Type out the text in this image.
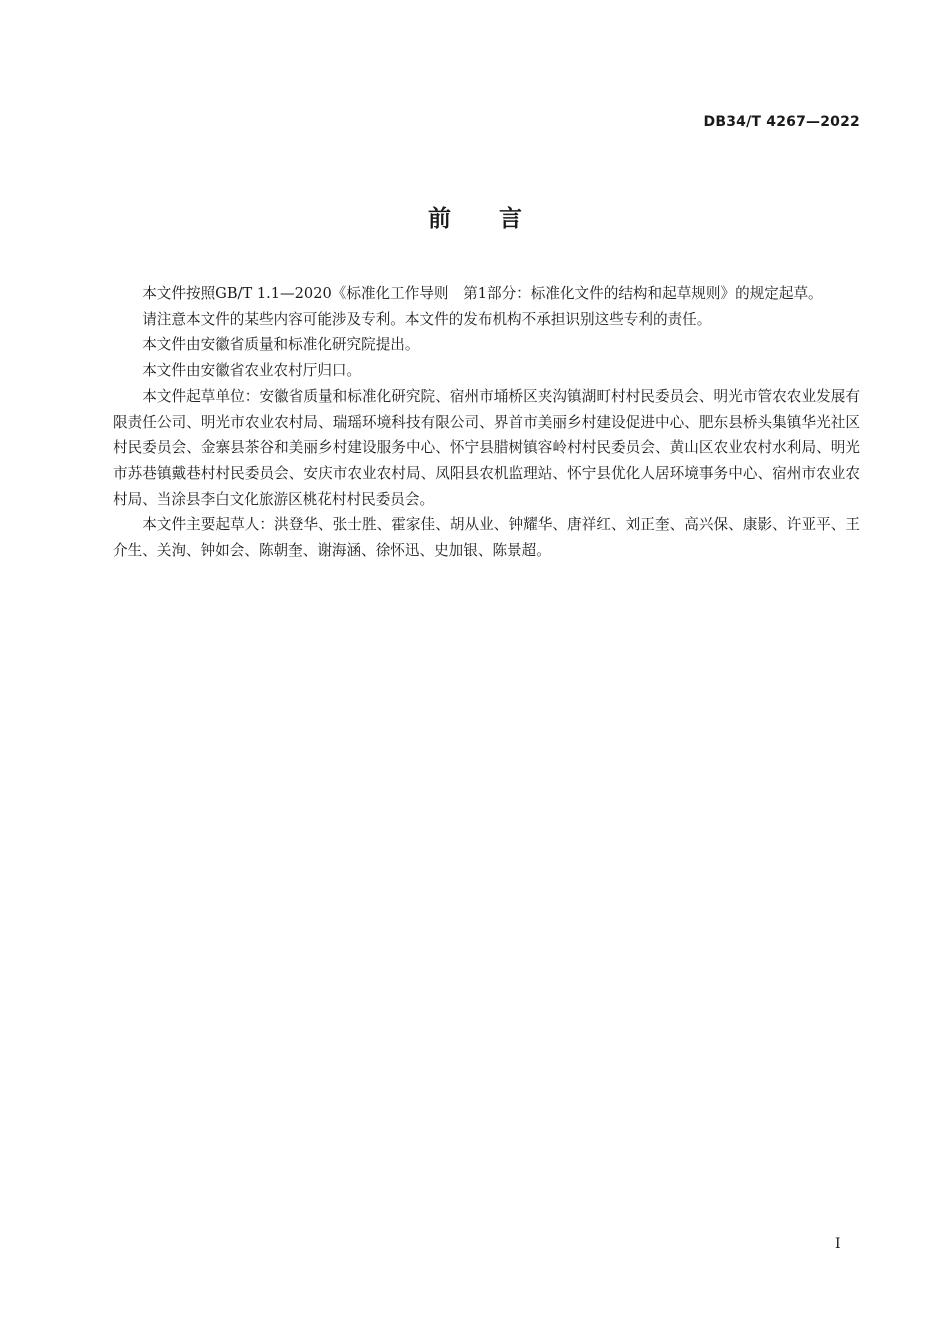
DB34/T 4267—2022
前言

本文件按照GB/T 1.1—2020《标准化工作导则　第1部分：标准化文件的结构和起草规则》的规定起草。

请注意本文件的某些内容可能涉及专利。本文件的发布机构不承担识别这些专利的责任。

本文件由安徽省质量和标准化研究院提出。

本文件由安徽省农业农村厅归口。

本文件起草单位：安徽省质量和标准化研究院、宿州市埇桥区夹沟镇湖町村村民委员会、明光市管农农业发展有限责任公司、明光市农业农村局、瑞瑶环境科技有限公司、界首市美丽乡村建设促进中心、肥东县桥头集镇华光社区村民委员会、金寨县茶谷和美丽乡村建设服务中心、怀宁县腊树镇容岭村村民委员会、黄山区农业农村水利局、明光市苏巷镇戴巷村村民委员会、安庆市农业农村局、凤阳县农机监理站、怀宁县优化人居环境事务中心、宿州市农业农村局、当涂县李白文化旅游区桃花村村民委员会。

本文件主要起草人：洪登华、张士胜、霍家佳、胡从业、钟耀华、唐祥红、刘正奎、高兴保、康影、许亚平、王介生、关洵、钟如会、陈朝奎、谢海涵、徐怀迅、史加银、陈景超。

I
